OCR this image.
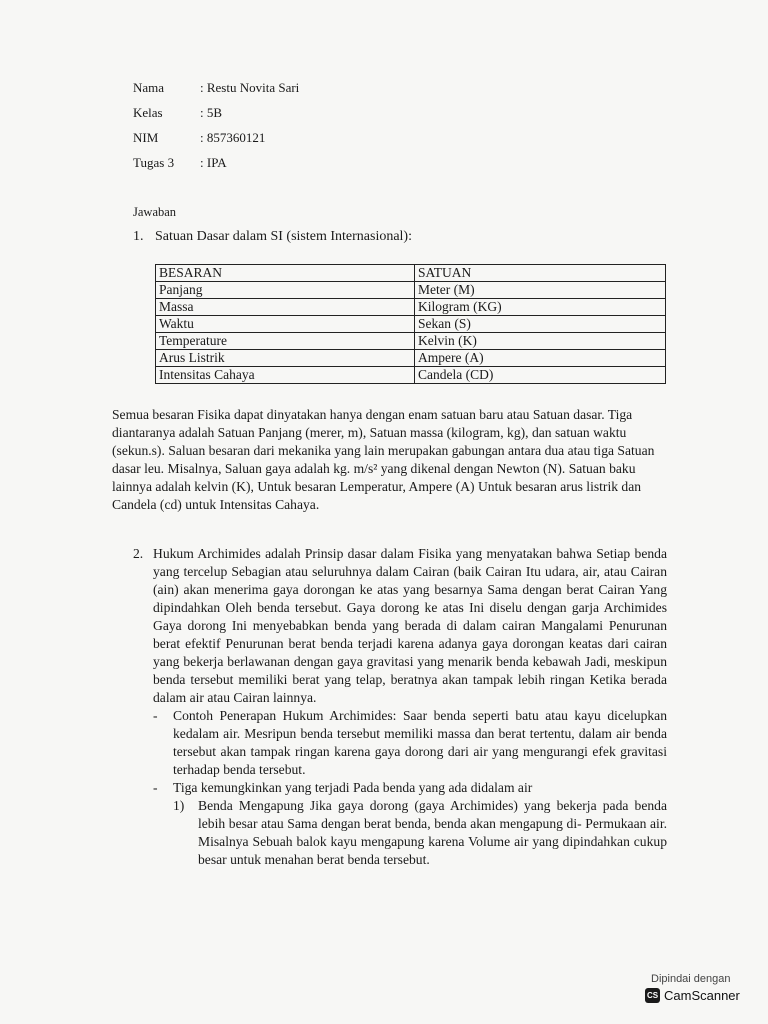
Nama	: Restu Novita Sari
Kelas	: 5B
NIM	: 857360121
Tugas 3 : IPA
Jawaban
1. Satuan Dasar dalam SI (sistem Internasional):
BESARAN	SATUAN
Panjang	Meter (M)
Massa	Kilogram (KG)
Waktu	Sekan (S)
Temperature	Kelvin (K)
Arus Listrik	Ampere (A)
Intensitas Cahaya	Candela (CD)
Semua besaran Fisika dapat dinyatakan hanya dengan enam satuan baru atau Satuan dasar. Tiga diantaranya adalah Satuan Panjang (merer, m), Satuan massa (kilogram, kg), dan satuan waktu (sekun.s). Saluan besaran dari mekanika yang lain merupakan gabungan antara dua atau tiga Satuan dasar leu. Misalnya, Saluan gaya adalah kg. m/s² yang dikenal dengan Newton (N). Satuan baku lainnya adalah kelvin (K), Untuk besaran Lemperatur, Ampere (A) Untuk besaran arus listrik dan Candela (cd) untuk Intensitas Cahaya.
2. Hukum Archimides adalah Prinsip dasar dalam Fisika yang menyatakan bahwa Setiap benda yang tercelup Sebagian atau seluruhnya dalam Cairan (baik Cairan Itu udara, air, atau Cairan (ain) akan menerima gaya dorongan ke atas yang besarnya Sama dengan berat Cairan Yang dipindahkan Oleh benda tersebut. Gaya dorong ke atas Ini diselu dengan garja Archimides Gaya dorong Ini menyebabkan benda yang berada di dalam cairan Mangalami Penurunan berat efektif Penurunan berat benda terjadi karena adanya gaya dorongan keatas dari cairan yang bekerja berlawanan dengan gaya gravitasi yang menarik benda kebawah Jadi, meskipun benda tersebut memiliki berat yang telap, beratnya akan tampak lebih ringan Ketika berada dalam air atau Cairan lainnya.
- Contoh Penerapan Hukum Archimides: Saar benda seperti batu atau kayu dicelupkan kedalam air. Mesripun benda tersebut memiliki massa dan berat tertentu, dalam air benda tersebut akan tampak ringan karena gaya dorong dari air yang mengurangi efek gravitasi terhadap benda tersebut.
- Tiga kemungkinkan yang terjadi Pada benda yang ada didalam air
1) Benda Mengapung Jika gaya dorong (gaya Archimides) yang bekerja pada benda lebih besar atau Sama dengan berat benda, benda akan mengapung di- Permukaan air. Misalnya Sebuah balok kayu mengapung karena Volume air yang dipindahkan cukup besar untuk menahan berat benda tersebut.
Dipindai dengan
CS CamScanner
